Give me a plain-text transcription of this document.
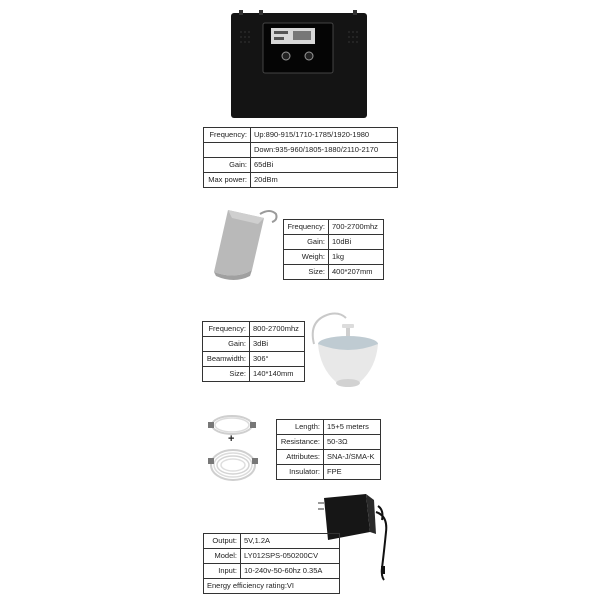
Frequency:	Up:890-915/1710-1785/1920-1980
	Down:935-960/1805-1880/2110-2170
Gain:	65dBi
Max power:	20dBm
Frequency:	700-2700mhz
Gain:	10dBi
Weigh:	1kg
Size:	400*207mm
Frequency:	800-2700mhz
Gain:	3dBi
Beamwidth:	306°
Size:	140*140mm
+
Length:	15+5 meters
Resistance:	50-3Ω
Attributes:	SNA-J/SMA-K
Insulator:	FPE
Output:	5V,1.2A
Model:	LY012SPS-050200CV
Input:	10-240v-50-60hz 0.35A
Energy efficiency rating:VI	
